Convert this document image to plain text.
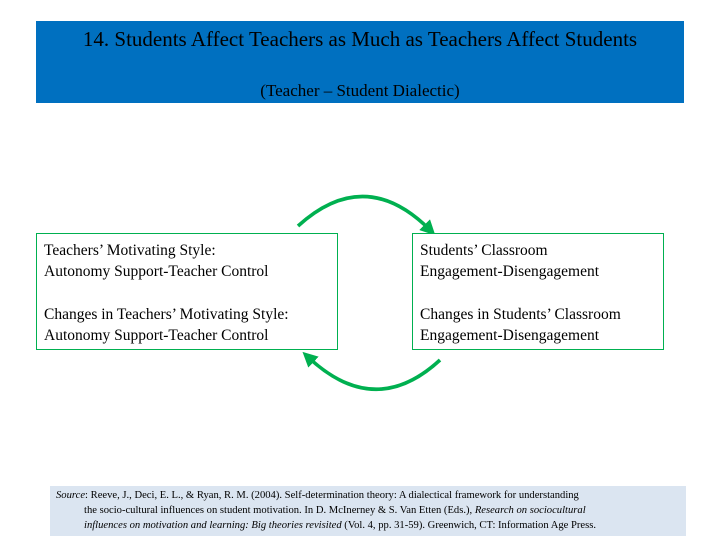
14. Students Affect Teachers as Much as Teachers Affect Students
(Teacher – Student Dialectic)
Teachers’ Motivating Style:
Autonomy Support-Teacher Control
Changes in Teachers’ Motivating Style:
Autonomy Support-Teacher Control
Students’ Classroom
Engagement-Disengagement
Changes in Students’ Classroom
Engagement-Disengagement
Source: Reeve, J., Deci, E. L., & Ryan, R. M. (2004). Self-determination theory: A dialectical framework for understanding
the socio-cultural influences on student motivation. In D. McInerney & S. Van Etten (Eds.), Research on sociocultural
influences on motivation and learning: Big theories revisited (Vol. 4, pp. 31-59). Greenwich, CT: Information Age Press.
